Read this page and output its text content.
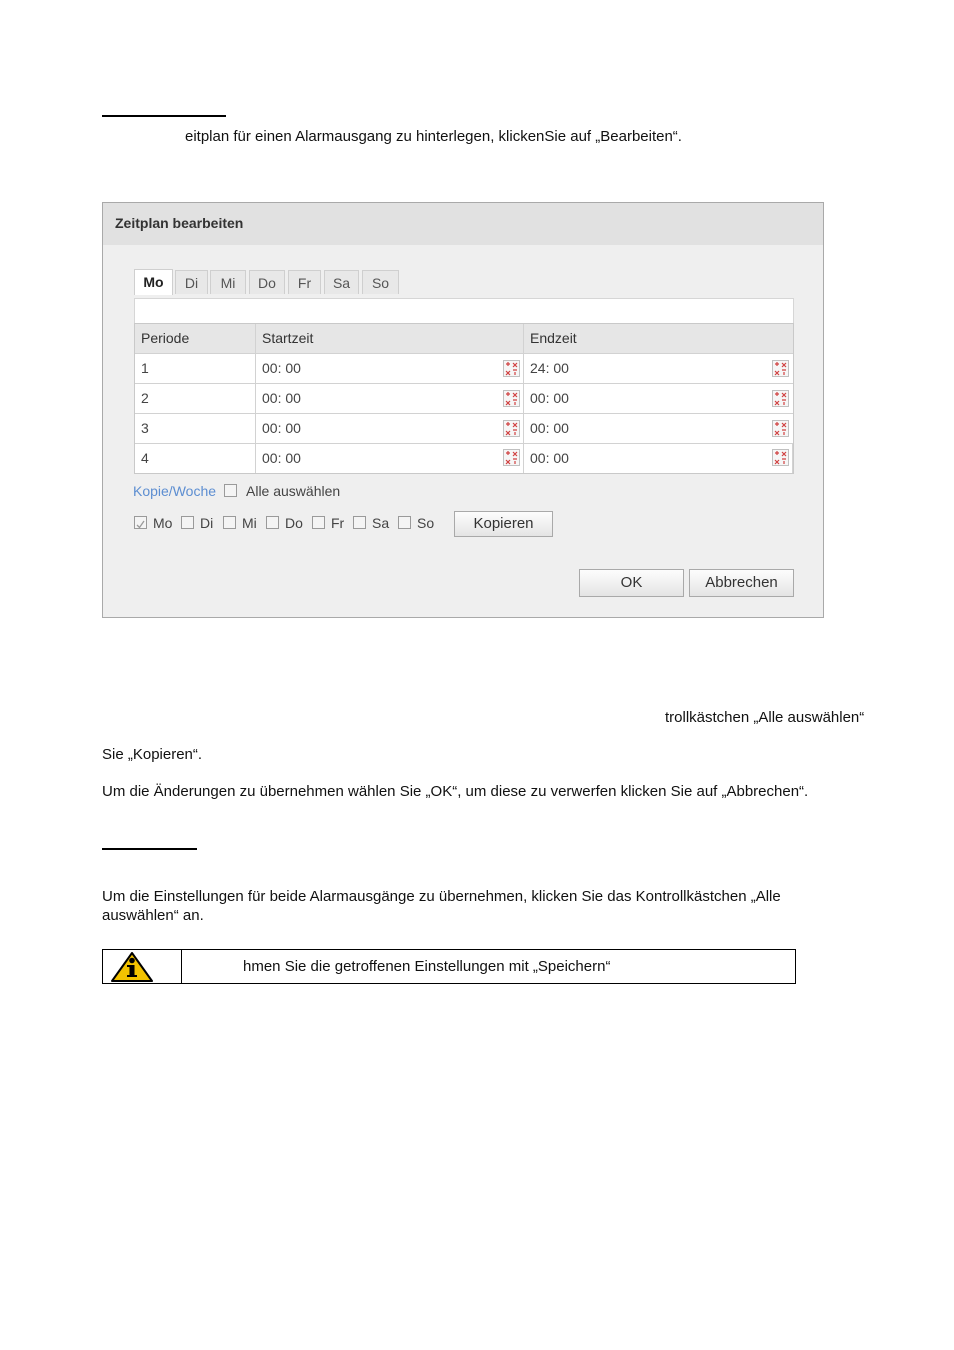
eitplan für einen Alarmausgang zu hinterlegen, klickenSie auf „Bearbeiten“.
Zeitplan bearbeiten
Mo	Di	Mi	Do	Fr	Sa	So
Periode	Startzeit	Endzeit
1	00: 00	24: 00
2	00: 00	00: 00
3	00: 00	00: 00
4	00: 00	00: 00
Kopie/Woche Alle auswählen
Mo Di Mi Do Fr Sa So	Kopieren
OK	Abbrechen
trollkästchen „Alle auswählen“
Sie „Kopieren“.
Um die Änderungen zu übernehmen wählen Sie „OK“, um diese zu verwerfen klicken Sie auf „Abbrechen“.
Um die Einstellungen für beide Alarmausgänge zu übernehmen, klicken Sie das Kontrollkästchen „Alle
auswählen“ an.
hmen Sie die getroffenen Einstellungen mit „Speichern“
